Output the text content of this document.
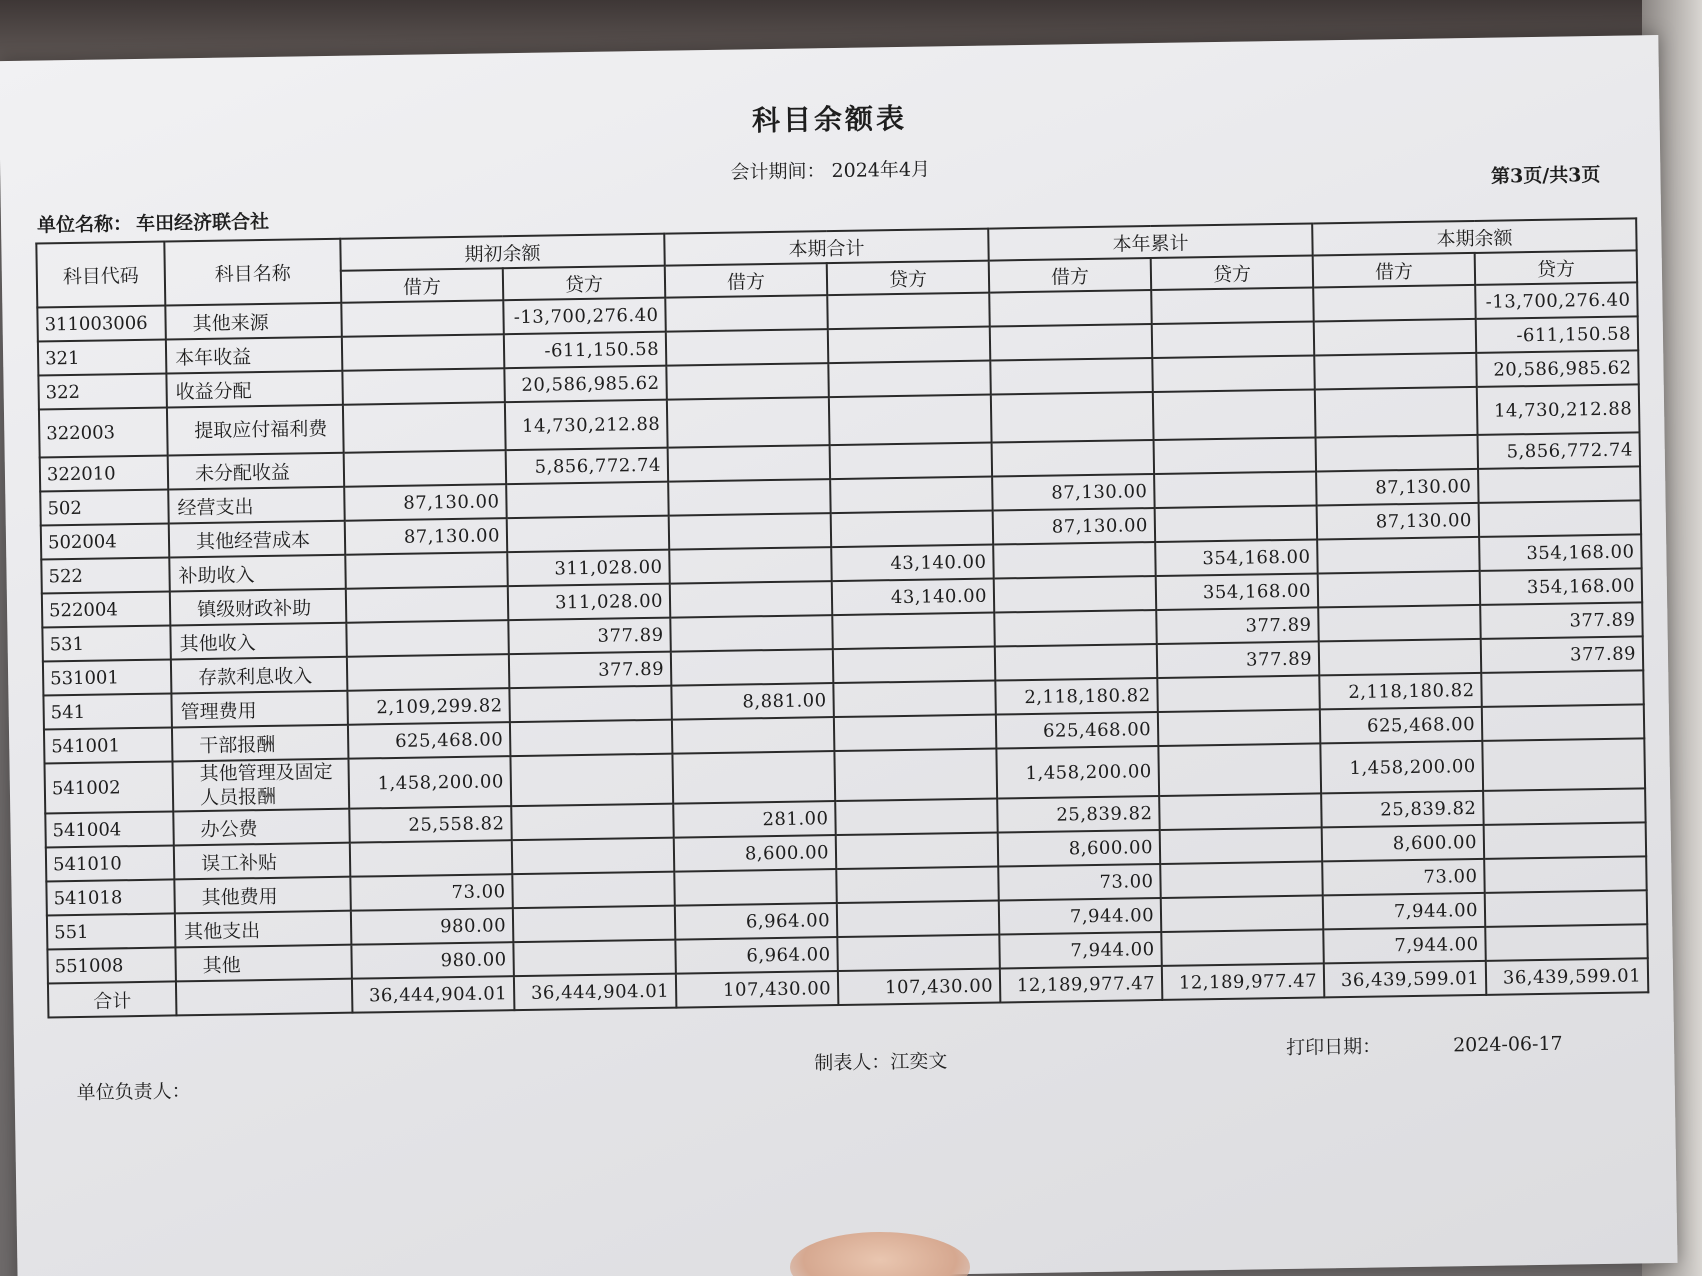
科目余额表
会计期间： 2024年4月
单位名称： 车田经济联合社
第3页/共3页
科目代码	科目名称	期初余额		本期合计		本年累计		本期余额	
		借方	贷方	借方	贷方	借方	贷方	借方	贷方
311003006	其他来源		-13,700,276.40						-13,700,276.40
321	本年收益		-611,150.58						-611,150.58
322	收益分配		20,586,985.62						20,586,985.62
322003	提取应付福利费		14,730,212.88						14,730,212.88
322010	未分配收益		5,856,772.74						5,856,772.74
502	经营支出	87,130.00				87,130.00		87,130.00	
502004	其他经营成本	87,130.00				87,130.00		87,130.00	
522	补助收入		311,028.00		43,140.00		354,168.00		354,168.00
522004	镇级财政补助		311,028.00		43,140.00		354,168.00		354,168.00
531	其他收入		377.89				377.89		377.89
531001	存款利息收入		377.89				377.89		377.89
541	管理费用	2,109,299.82		8,881.00		2,118,180.82		2,118,180.82	
541001	干部报酬	625,468.00				625,468.00		625,468.00	
541002	其他管理及固定人员报酬	1,458,200.00				1,458,200.00		1,458,200.00	
541004	办公费	25,558.82		281.00		25,839.82		25,839.82	
541010	误工补贴			8,600.00		8,600.00		8,600.00	
541018	其他费用	73.00				73.00		73.00	
551	其他支出	980.00		6,964.00		7,944.00		7,944.00	
551008	其他	980.00		6,964.00		7,944.00		7,944.00	
合计		36,444,904.01	36,444,904.01	107,430.00	107,430.00	12,189,977.47	12,189,977.47	36,439,599.01	36,439,599.01
单位负责人：
制表人：江奕文
打印日期：	2024-06-17
